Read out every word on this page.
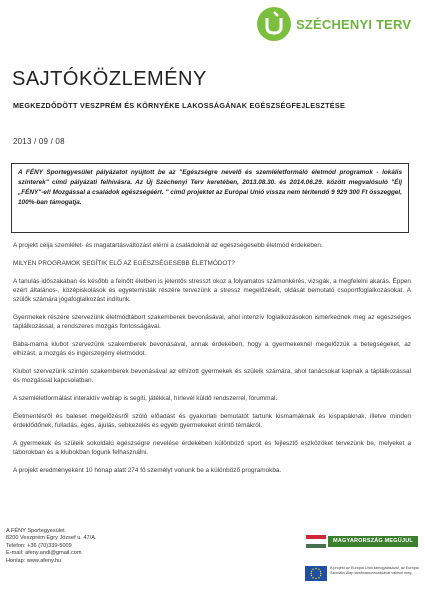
SZÉCHENYI TERV
SAJTÓKÖZLEMÉNY
MEGKEZDŐDÖTT VESZPRÉM ÉS KÖRNYÉKE LAKOSSÁGÁNAK EGÉSZSÉGFEJLESZTÉSE
2013 / 09 / 08
A FÉNY Sportegyesület pályázatot nyújtott be az "Egészségre nevelő és szemléletformáló életmód programok - lokális szinterek" című pályázati felhívásra. Az Új Széchenyi Terv keretében, 2013.08.30. és 2014.06.29. között megvalósuló "Élj „FÉNY"-el! Mozgással a családok egészségéért. " című projektet az Európai Unió vissza nem térítendő 9 929 300 Ft összeggel, 100%-ban támogatja.

A projekt célja szemlélet- és magatartásváltozást elérni a családoknál az egészségesebb életmód érdekében.

MILYEN PROGRAMOK SEGÍTIK ELŐ AZ EGÉSZSÉGESEBB ÉLETMÓDOT?

A tanulás időszakában és később a felnőtt életben is jelentős stresszt okoz a folyamatos számonkérés, vizsgák, a megfelelni akarás. Éppen ezért általános-, középiskolások és egyetemisták részére tervezünk a stressz megelőzését, oldását bemutató csoportfoglalkozásokat. A szülők számára jógafoglalkozást indítunk.

Gyermekek részére szervezünk életmódtábort szakemberek bevonásával, ahol intenzív foglalkozásokon ismerkednek meg az egészséges táplálkozással, a rendszeres mozgás fontosságával.

Baba-mama klubot szervezünk szakemberek bevonásával, annak érdekében, hogy a gyermekeknél megelőzzük a betegségeket, az elhízást, a mozgás és ingerszegény életmódot.

Klubot szervezünk szintén szakemberek bevonásával az elhízott gyermekek és szüleik számára, ahol tanácsokat kapnak a táplálkozással és mozgással kapcsolatban.

A szemléletformálást interaktív weblap is segíti, játékkal, hírlevél küldő rendszerrel, fórummal.

Életmentésről és baleset megelőzésről szóló előadást és gyakorlati bemutatót tartunk kismamáknak és kispapáknak, illetve minden érdeklődőnek, fulladás, égés, ájulás, sebkezelés és egyéb gyermekeket érintő témákról.

A gyermekek és szüleik sokoldalú egészségre nevelése érdekében különböző sport és fejlesztő eszközöket tervezünk be, melyeket a táborokban és a klubokban fogunk felhasználni.

A projekt eredményeként 10 hónap alatt 274 fő személyt vonunk be a különböző programokba.

A FÉNY Sportegyesület
8200 Veszprém Egry József u. 47/A.
Telefon: +36 (70)339-5009
E-mail: afeny.andi@gmail.com
Honlap: www.afeny.hu
MAGYARORSZÁG MEGÚJUL
A projekt az Európai Unió támogatásával, az Európai Szociális Alap társfinanszírozásával valósul meg.
